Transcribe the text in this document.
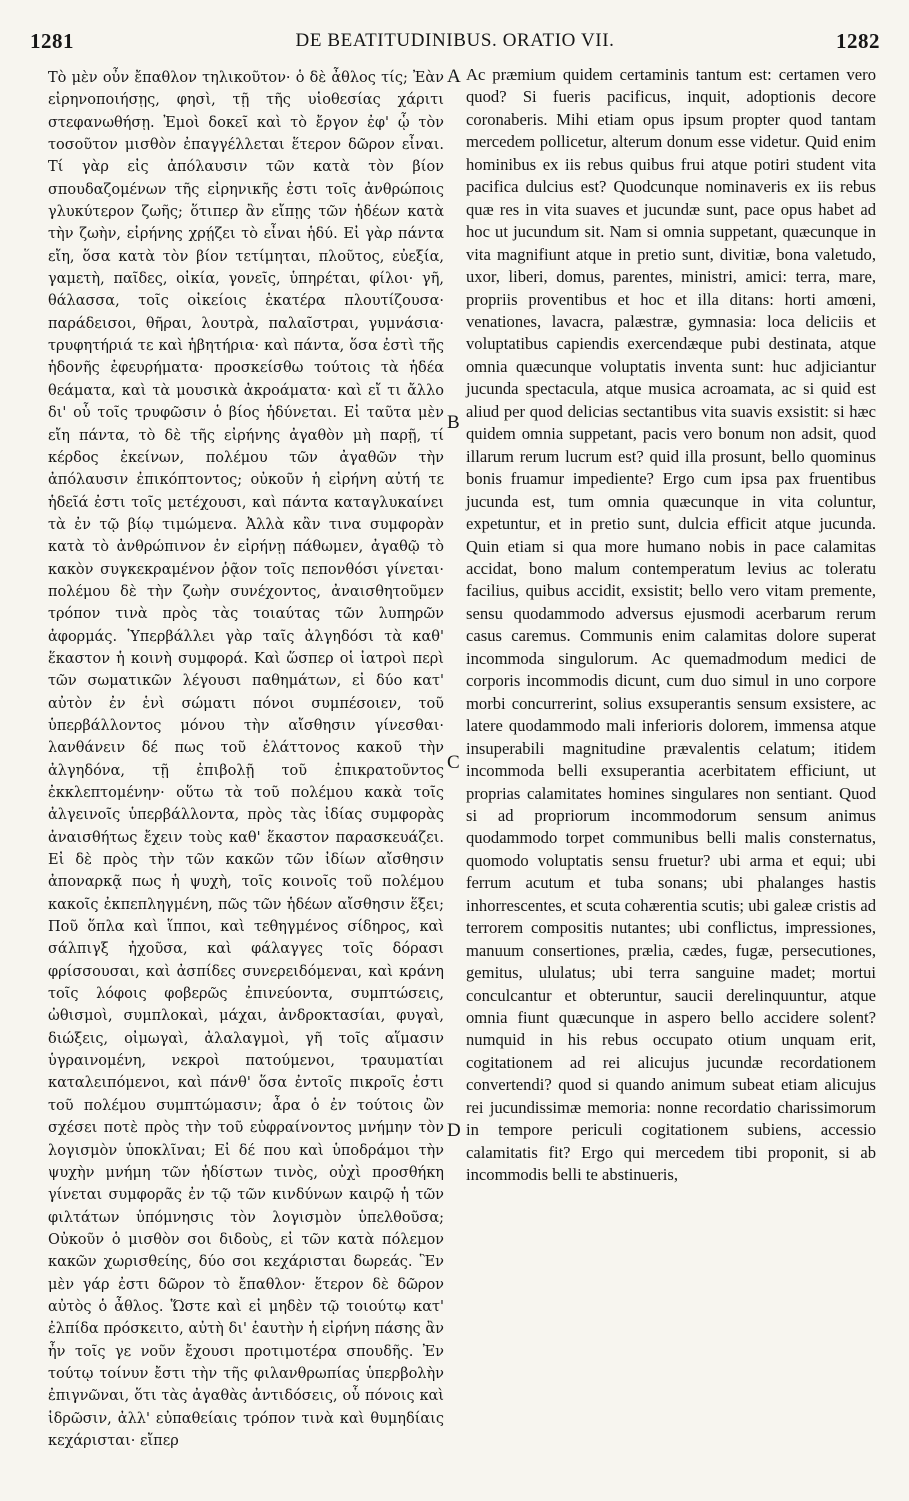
1281	DE BEATITUDINIBUS. ORATIO VII.	1282
Τὸ μὲν οὖν ἔπαθλον τηλικοῦτον· ὁ δὲ ἆθλος τίς; Ἐὰν εἰρηνοποιήσῃς, φησὶ, τῇ τῆς υἱοθεσίας χάριτι στεφανωθήσῃ. Ἐμοὶ δοκεῖ καὶ τὸ ἔργον ἐφ' ᾧ τὸν τοσοῦτον μισθὸν ἐπαγγέλλεται ἕτερον δῶρον εἶναι. Τί γὰρ εἰς ἀπόλαυσιν τῶν κατὰ τὸν βίον σπουδαζομένων τῆς εἰρηνικῆς ἐστι τοῖς ἀνθρώποις γλυκύτερον ζωῆς; ὅτιπερ ἂν εἴπῃς τῶν ἡδέων κατὰ τὴν ζωὴν, εἰρήνης χρῄζει τὸ εἶναι ἡδύ. Εἰ γὰρ πάντα εἴη, ὅσα κατὰ τὸν βίον τετίμηται, πλοῦτος, εὐεξία, γαμετὴ, παῖδες, οἰκία, γονεῖς, ὑπηρέται, φίλοι· γῆ, θάλασσα, τοῖς οἰκείοις ἑκατέρα πλουτίζουσα· παράδεισοι, θῆραι, λουτρὰ, παλαῖστραι, γυμνάσια· τρυφητήριά τε καὶ ἡβητήρια· καὶ πάντα, ὅσα ἐστὶ τῆς ἡδονῆς ἐφευρήματα· προσκείσθω τούτοις τὰ ἡδέα θεάματα, καὶ τὰ μουσικὰ ἀκροάματα· καὶ εἴ τι ἄλλο δι' οὗ τοῖς τρυφῶσιν ὁ βίος ἡδύνεται. Εἰ ταῦτα μὲν εἴη πάντα, τὸ δὲ τῆς εἰρήνης ἀγαθὸν μὴ παρῇ, τί κέρδος ἐκείνων, πολέμου τῶν ἀγαθῶν τὴν ἀπόλαυσιν ἐπικόπτοντος; οὐκοῦν ἡ εἰρήνη αὐτή τε ἡδεῖά ἐστι τοῖς μετέχουσι, καὶ πάντα καταγλυκαίνει τὰ ἐν τῷ βίῳ τιμώμενα. Ἀλλὰ κἂν τινα συμφορὰν κατὰ τὸ ἀνθρώπινον ἐν εἰρήνῃ πάθωμεν, ἀγαθῷ τὸ κακὸν συγκεκραμένον ῥᾷον τοῖς πεπονθόσι γίνεται· πολέμου δὲ τὴν ζωὴν συνέχοντος, ἀναισθητοῦμεν τρόπον τινὰ πρὸς τὰς τοιαύτας τῶν λυπηρῶν ἀφορμάς. Ὑπερβάλλει γὰρ ταῖς ἀλγηδόσι τὰ καθ' ἕκαστον ἡ κοινὴ συμφορά. Καὶ ὥσπερ οἱ ἰατροὶ περὶ τῶν σωματικῶν λέγουσι παθημάτων, εἰ δύο κατ' αὐτὸν ἐν ἑνὶ σώματι πόνοι συμπέσοιεν, τοῦ ὑπερβάλλοντος μόνου τὴν αἴσθησιν γίνεσθαι· λανθάνειν δέ πως τοῦ ἐλάττονος κακοῦ τὴν ἀλγηδόνα, τῇ ἐπιβολῇ τοῦ ἐπικρατοῦντος ἐκκλεπτομένην· οὕτω τὰ τοῦ πολέμου κακὰ τοῖς ἀλγεινοῖς ὑπερβάλλοντα, πρὸς τὰς ἰδίας συμφορὰς ἀναισθήτως ἔχειν τοὺς καθ' ἕκαστον παρασκευάζει. Εἰ δὲ πρὸς τὴν τῶν κακῶν τῶν ἰδίων αἴσθησιν ἀποναρκᾷ πως ἡ ψυχὴ, τοῖς κοινοῖς τοῦ πολέμου κακοῖς ἐκπεπληγμένη, πῶς τῶν ἡδέων αἴσθησιν ἕξει; Ποῦ ὅπλα καὶ ἵπποι, καὶ τεθηγμένος σίδηρος, καὶ σάλπιγξ ἠχοῦσα, καὶ φάλαγγες τοῖς δόρασι φρίσσουσαι, καὶ ἀσπίδες συνερειδόμεναι, καὶ κράνη τοῖς λόφοις φοβερῶς ἐπινεύοντα, συμπτώσεις, ὠθισμοὶ, συμπλοκαὶ, μάχαι, ἀνδροκτασίαι, φυγαὶ, διώξεις, οἰμωγαὶ, ἀλαλαγμοὶ, γῆ τοῖς αἵμασιν ὑγραινομένη, νεκροὶ πατούμενοι, τραυματίαι καταλειπόμενοι, καὶ πάνθ' ὅσα ἐντοῖς πικροῖς ἐστι τοῦ πολέμου συμπτώμασιν; ἆρα ὁ ἐν τούτοις ὢν σχέσει ποτὲ πρὸς τὴν τοῦ εὐφραίνοντος μνήμην τὸν λογισμὸν ὑποκλῖναι; Εἰ δέ που καὶ ὑποδράμοι τὴν ψυχὴν μνήμη τῶν ἡδίστων τινὸς, οὐχὶ προσθήκη γίνεται συμφορᾶς ἐν τῷ τῶν κινδύνων καιρῷ ἡ τῶν φιλτάτων ὑπόμνησις τὸν λογισμὸν ὑπελθοῦσα; Οὐκοῦν ὁ μισθὸν σοι διδοὺς, εἰ τῶν κατὰ πόλεμον κακῶν χωρισθείης, δύο σοι κεχάρισται δωρεάς. Ἓν μὲν γάρ ἐστι δῶρον τὸ ἔπαθλον· ἕτερον δὲ δῶρον αὐτὸς ὁ ἆθλος. Ὥστε καὶ εἰ μηδὲν τῷ τοιούτῳ κατ' ἐλπίδα πρόσκειτο, αὐτὴ δι' ἑαυτὴν ἡ εἰρήνη πάσης ἂν ἦν τοῖς γε νοῦν ἔχουσι προτιμοτέρα σπουδῆς. Ἐν τούτῳ τοίνυν ἔστι τὴν τῆς φιλανθρωπίας ὑπερβολὴν ἐπιγνῶναι, ὅτι τὰς ἀγαθὰς ἀντιδόσεις, οὗ πόνοις καὶ ἱδρῶσιν, ἀλλ' εὐπαθείαις τρόπον τινὰ καὶ θυμηδίαις κεχάρισται· εἴπερ
A
B
C
D
Ac præmium quidem certaminis tantum est: certamen vero quod? Si fueris pacificus, inquit, adoptionis decore coronaberis. Mihi etiam opus ipsum propter quod tantam mercedem pollicetur, alterum donum esse videtur. Quid enim hominibus ex iis rebus quibus frui atque potiri student vita pacifica dulcius est? Quodcunque nominaveris ex iis rebus quæ res in vita suaves et jucundæ sunt, pace opus habet ad hoc ut jucundum sit. Nam si omnia suppetant, quæcunque in vita magnifiunt atque in pretio sunt, divitiæ, bona valetudo, uxor, liberi, domus, parentes, ministri, amici: terra, mare, propriis proventibus et hoc et illa ditans: horti amœni, venationes, lavacra, palæstræ, gymnasia: loca deliciis et voluptatibus capiendis exercendæque pubi destinata, atque omnia quæcunque voluptatis inventa sunt: huc adjiciantur jucunda spectacula, atque musica acroamata, ac si quid est aliud per quod delicias sectantibus vita suavis exsistit: si hæc quidem omnia suppetant, pacis vero bonum non adsit, quod illarum rerum lucrum est? quid illa prosunt, bello quominus bonis fruamur impediente? Ergo cum ipsa pax fruentibus jucunda est, tum omnia quæcunque in vita coluntur, expetuntur, et in pretio sunt, dulcia efficit atque jucunda. Quin etiam si qua more humano nobis in pace calamitas accidat, bono malum contemperatum levius ac toleratu facilius, quibus accidit, exsistit; bello vero vitam premente, sensu quodammodo adversus ejusmodi acerbarum rerum casus caremus. Communis enim calamitas dolore superat incommoda singulorum. Ac quemadmodum medici de corporis incommodis dicunt, cum duo simul in uno corpore morbi concurrerint, solius exsuperantis sensum exsistere, ac latere quodammodo mali inferioris dolorem, immensa atque insuperabili magnitudine prævalentis celatum; itidem incommoda belli exsuperantia acerbitatem efficiunt, ut proprias calamitates homines singulares non sentiant. Quod si ad propriorum incommodorum sensum animus quodammodo torpet communibus belli malis consternatus, quomodo voluptatis sensu fruetur? ubi arma et equi; ubi ferrum acutum et tuba sonans; ubi phalanges hastis inhorrescentes, et scuta cohærentia scutis; ubi galeæ cristis ad terrorem compositis nutantes; ubi conflictus, impressiones, manuum consertiones, prælia, cædes, fugæ, persecutiones, gemitus, ululatus; ubi terra sanguine madet; mortui conculcantur et obteruntur, saucii derelinquuntur, atque omnia fiunt quæcunque in aspero bello accidere solent? numquid in his rebus occupato otium unquam erit, cogitationem ad rei alicujus jucundæ recordationem convertendi? quod si quando animum subeat etiam alicujus rei jucundissimæ memoria: nonne recordatio charissimorum in tempore periculi cogitationem subiens, accessio calamitatis fit? Ergo qui mercedem tibi proponit, si ab incommodis belli te abstinueris,
